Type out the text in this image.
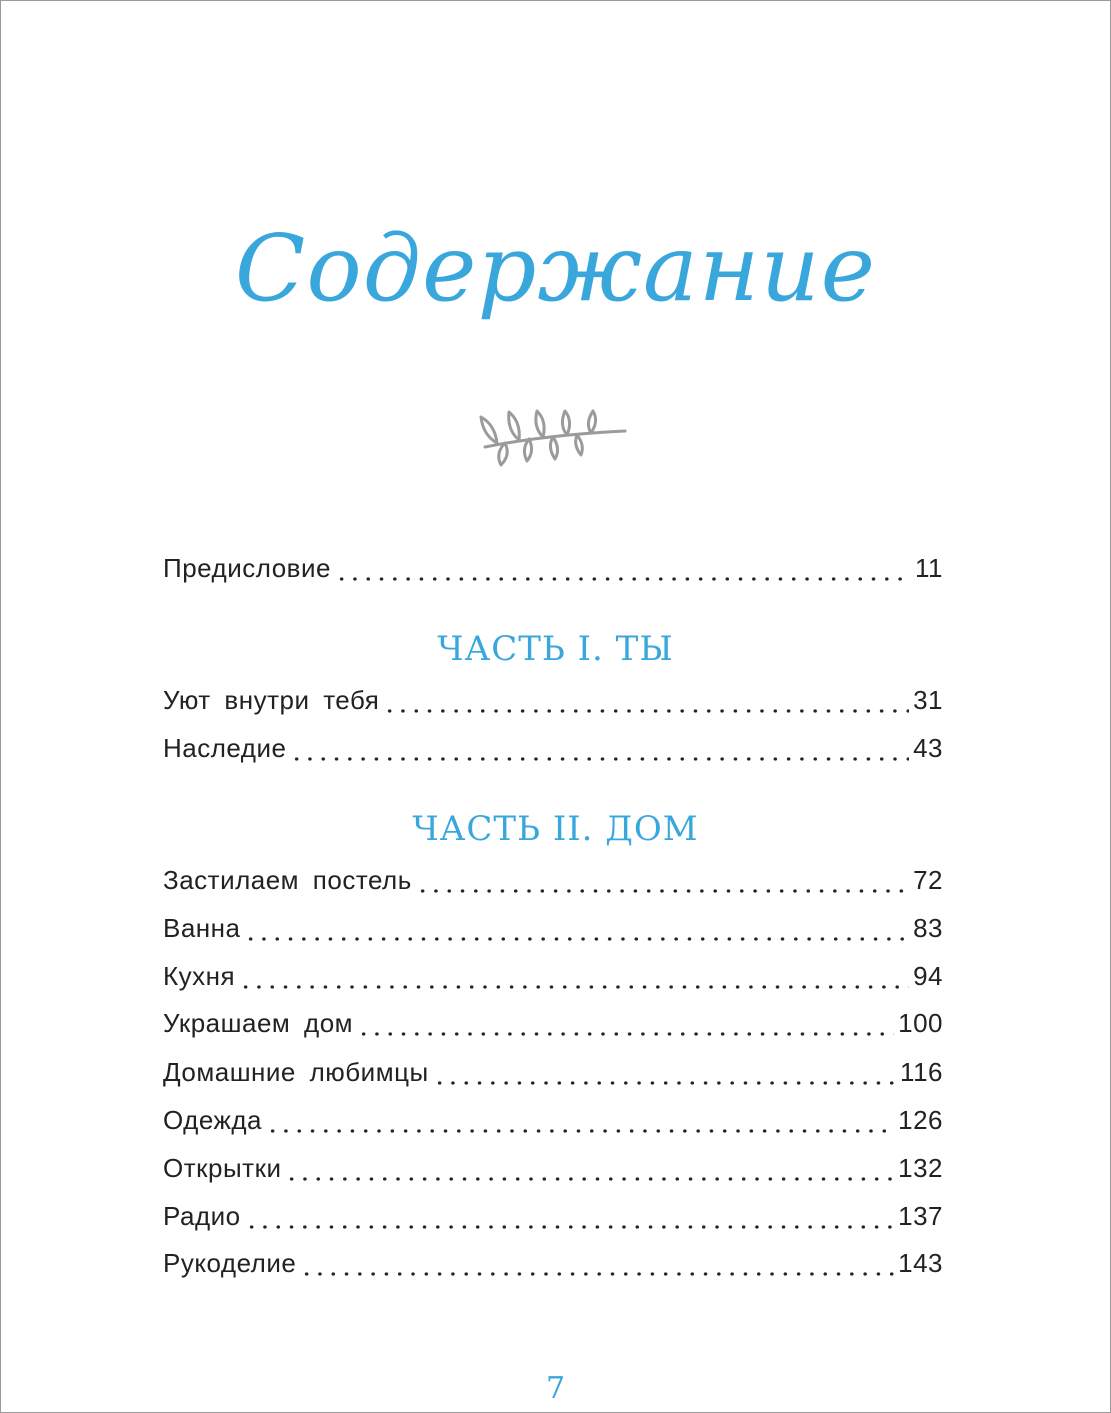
Содержание
Предисловие	11
ЧАСТЬ I. ТЫ
Уют внутри тебя	31
Наследие	43
ЧАСТЬ II. ДОМ
Застилаем постель	72
Ванна	83
Кухня	94
Украшаем дом	100
Домашние любимцы	116
Одежда	126
Открытки	132
Радио	137
Рукоделие	143
7
